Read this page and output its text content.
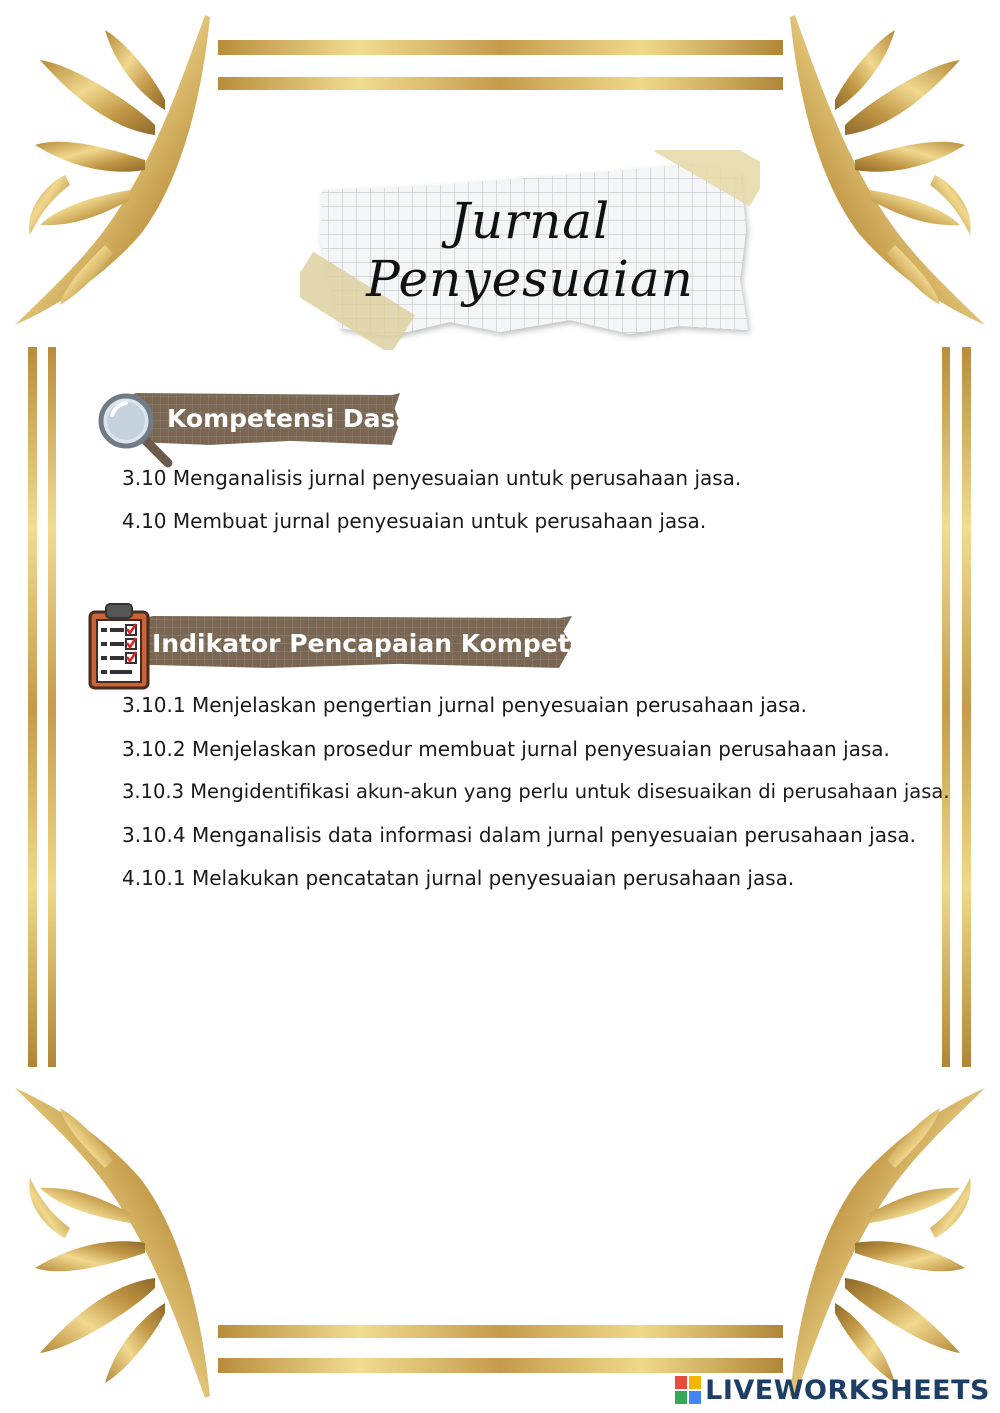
Jurnal Penyesuaian
Kompetensi Dasar
3.10 Menganalisis jurnal penyesuaian untuk perusahaan jasa.
4.10 Membuat jurnal penyesuaian untuk perusahaan jasa.
Indikator Pencapaian Kompetensi
3.10.1 Menjelaskan pengertian jurnal penyesuaian perusahaan jasa.
3.10.2 Menjelaskan prosedur membuat jurnal penyesuaian perusahaan jasa.
3.10.3 Mengidentifikasi akun-akun yang perlu untuk disesuaikan di perusahaan jasa.
3.10.4 Menganalisis data informasi dalam jurnal penyesuaian perusahaan jasa.
4.10.1 Melakukan pencatatan jurnal penyesuaian perusahaan jasa.
LIVEWORKSHEETS
